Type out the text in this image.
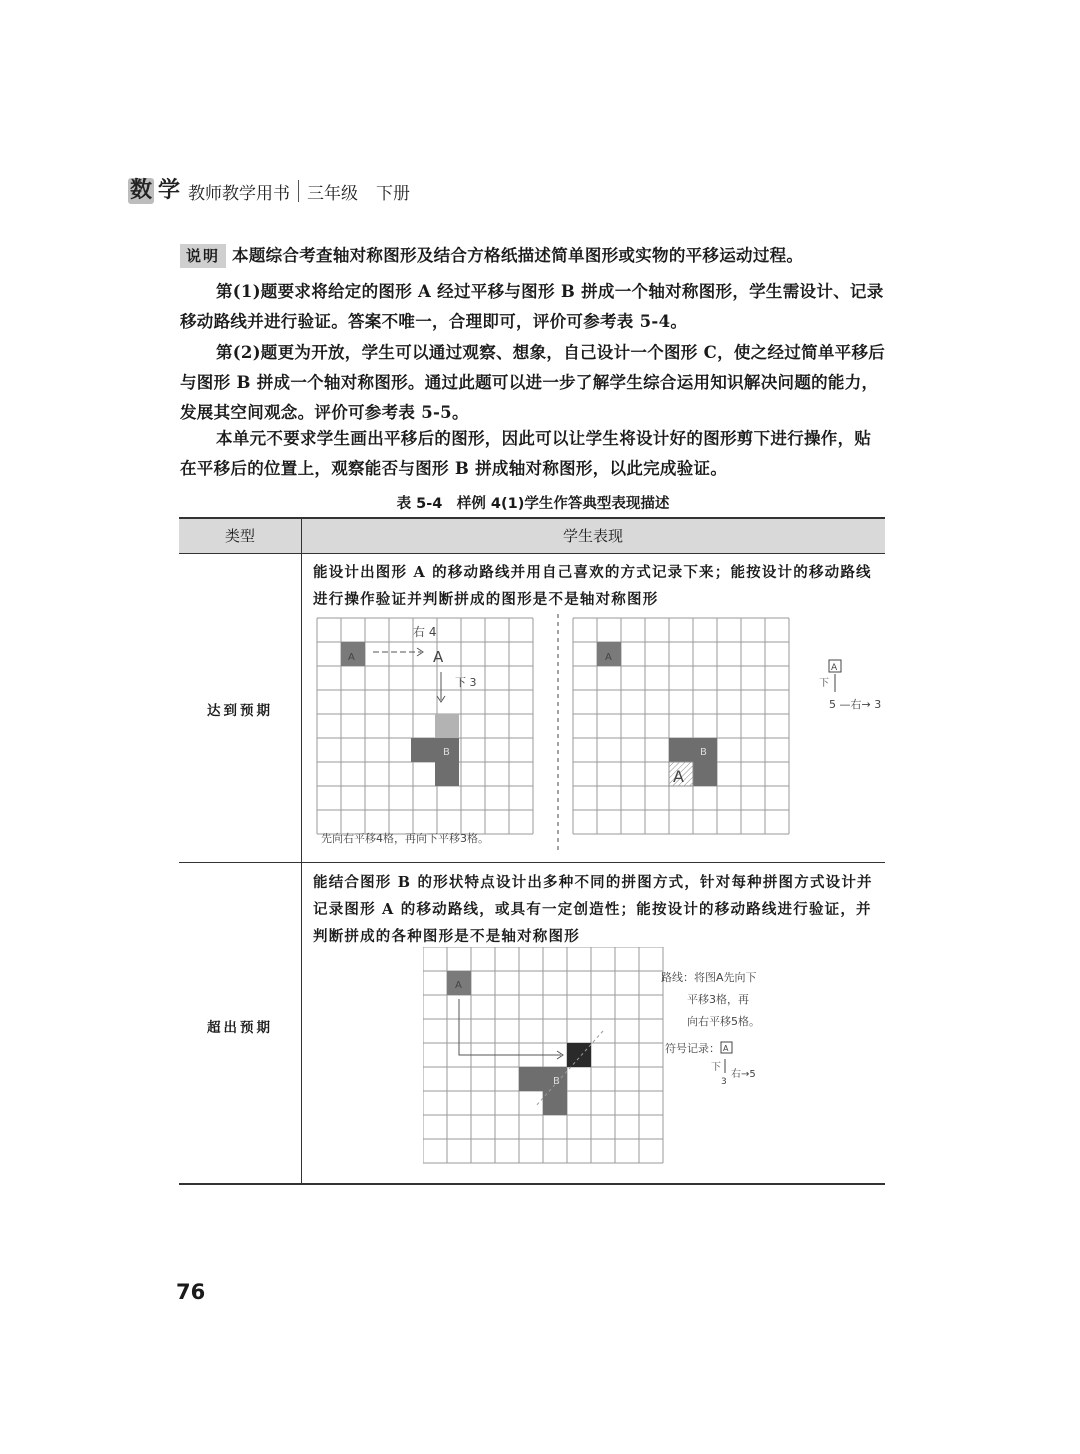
数 学 教师教学用书 三年级 下册
说明 本题综合考查轴对称图形及结合方格纸描述简单图形或实物的平移运动过程。
第(1)题要求将给定的图形 A 经过平移与图形 B 拼成一个轴对称图形，学生需设计、记录移动路线并进行验证。答案不唯一，合理即可，评价可参考表 5-4。
第(2)题更为开放，学生可以通过观察、想象，自己设计一个图形 C，使之经过简单平移后与图形 B 拼成一个轴对称图形。通过此题可以进一步了解学生综合运用知识解决问题的能力，发展其空间观念。评价可参考表 5-5。
本单元不要求学生画出平移后的图形，因此可以让学生将设计好的图形剪下进行操作，贴在平移后的位置上，观察能否与图形 B 拼成轴对称图形，以此完成验证。
表 5-4　样例 4(1)学生作答典型表现描述
类型	学生表现
达到预期
能设计出图形 A 的移动路线并用自己喜欢的方式记录下来；能按设计的移动路线进行操作验证并判断拼成的图形是不是轴对称图形
A
右 4
A
下 3
B
先向右平移4格，再向下平移3格。
A
A
B
A
下
5 —右→ 3
超出预期
能结合图形 B 的形状特点设计出多种不同的拼图方式，针对每种拼图方式设计并记录图形 A 的移动路线，或具有一定创造性；能按设计的移动路线进行验证，并判断拼成的各种图形是不是轴对称图形
A
B
路线：将图A先向下
平移3格，再
向右平移5格。
符号记录： A
下
3
右→5
76
